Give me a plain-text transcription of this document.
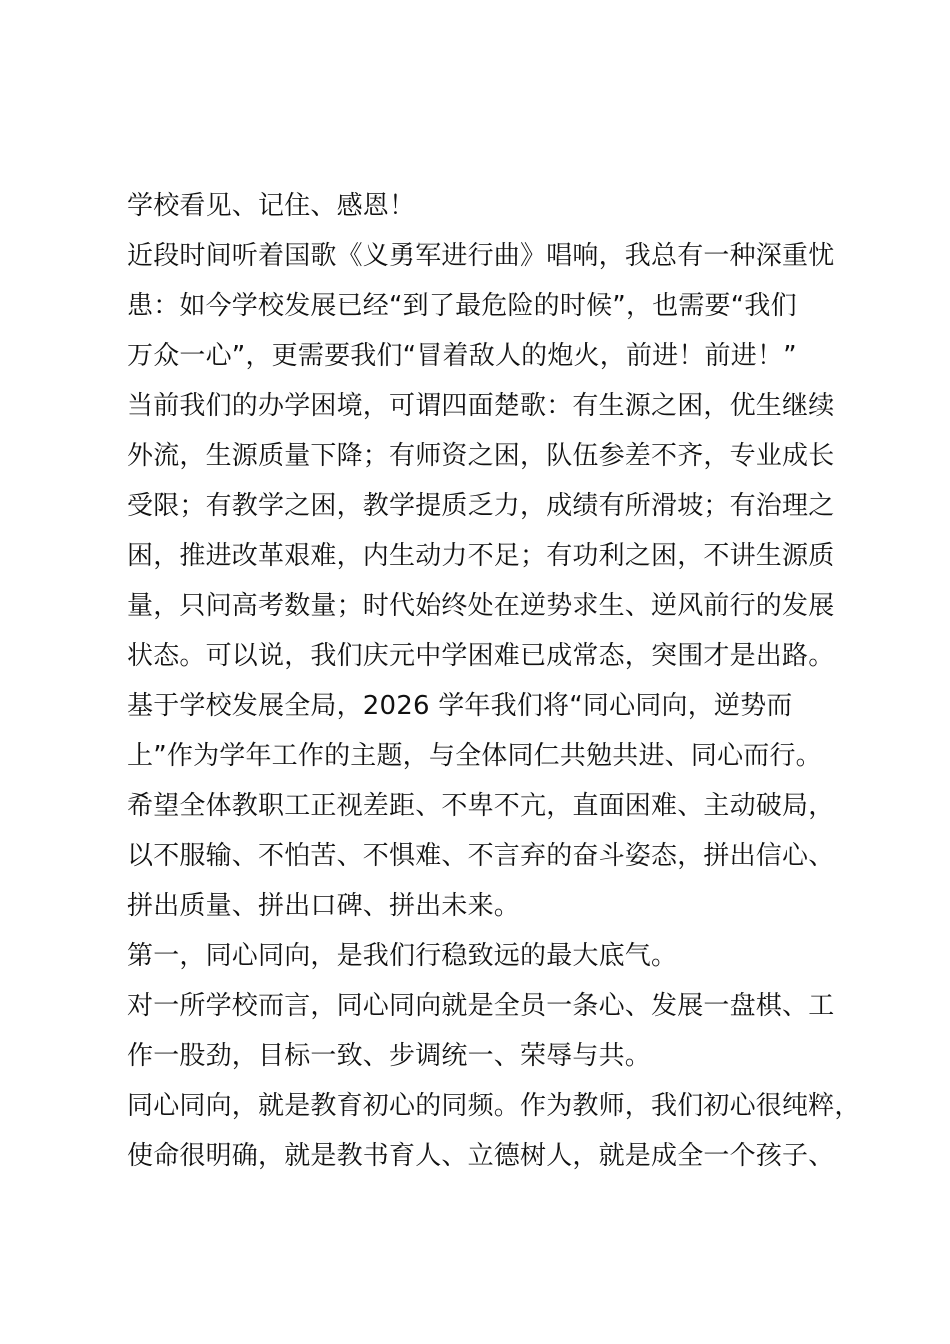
学校看见、记住、感恩！
近段时间听着国歌《义勇军进行曲》唱响，我总有一种深重忧
患：如今学校发展已经“到了最危险的时候”，也需要“我们
万众一心”，更需要我们“冒着敌人的炮火，前进！前进！”
当前我们的办学困境，可谓四面楚歌：有生源之困，优生继续
外流，生源质量下降；有师资之困，队伍参差不齐，专业成长
受限；有教学之困，教学提质乏力，成绩有所滑坡；有治理之
困，推进改革艰难，内生动力不足；有功利之困，不讲生源质
量，只问高考数量；时代始终处在逆势求生、逆风前行的发展
状态。可以说，我们庆元中学困难已成常态，突围才是出路。
基于学校发展全局，2026 学年我们将“同心同向，逆势而
上”作为学年工作的主题，与全体同仁共勉共进、同心而行。
希望全体教职工正视差距、不卑不亢，直面困难、主动破局，
以不服输、不怕苦、不惧难、不言弃的奋斗姿态，拼出信心、
拼出质量、拼出口碑、拼出未来。
第一，同心同向，是我们行稳致远的最大底气。
对一所学校而言，同心同向就是全员一条心、发展一盘棋、工
作一股劲，目标一致、步调统一、荣辱与共。
同心同向，就是教育初心的同频。作为教师，我们初心很纯粹，
使命很明确，就是教书育人、立德树人，就是成全一个孩子、
